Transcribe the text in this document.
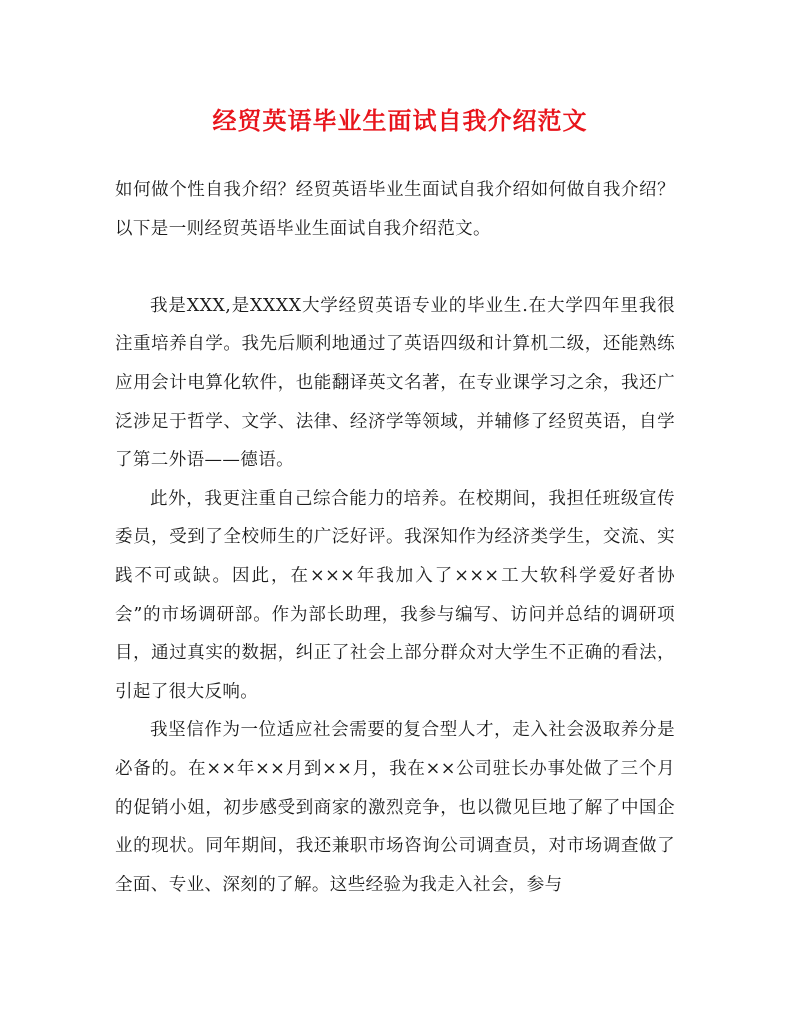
经贸英语毕业生面试自我介绍范文

如何做个性自我介绍？经贸英语毕业生面试自我介绍如何做自我介绍？以下是一则经贸英语毕业生面试自我介绍范文。

我是XXX,是XXXX大学经贸英语专业的毕业生.在大学四年里我很注重培养自学。我先后顺利地通过了英语四级和计算机二级，还能熟练应用会计电算化软件，也能翻译英文名著，在专业课学习之余，我还广泛涉足于哲学、文学、法律、经济学等领域，并辅修了经贸英语，自学了第二外语——德语。

此外，我更注重自己综合能力的培养。在校期间，我担任班级宣传委员，受到了全校师生的广泛好评。我深知作为经济类学生，交流、实践不可或缺。因此，在×××年我加入了×××工大软科学爱好者协会”的市场调研部。作为部长助理，我参与编写、访问并总结的调研项目，通过真实的数据，纠正了社会上部分群众对大学生不正确的看法，引起了很大反响。

我坚信作为一位适应社会需要的复合型人才，走入社会汲取养分是必备的。在××年××月到××月，我在××公司驻长办事处做了三个月的促销小姐，初步感受到商家的激烈竞争，也以微见巨地了解了中国企业的现状。同年期间，我还兼职市场咨询公司调查员，对市场调查做了全面、专业、深刻的了解。这些经验为我走入社会，参与
